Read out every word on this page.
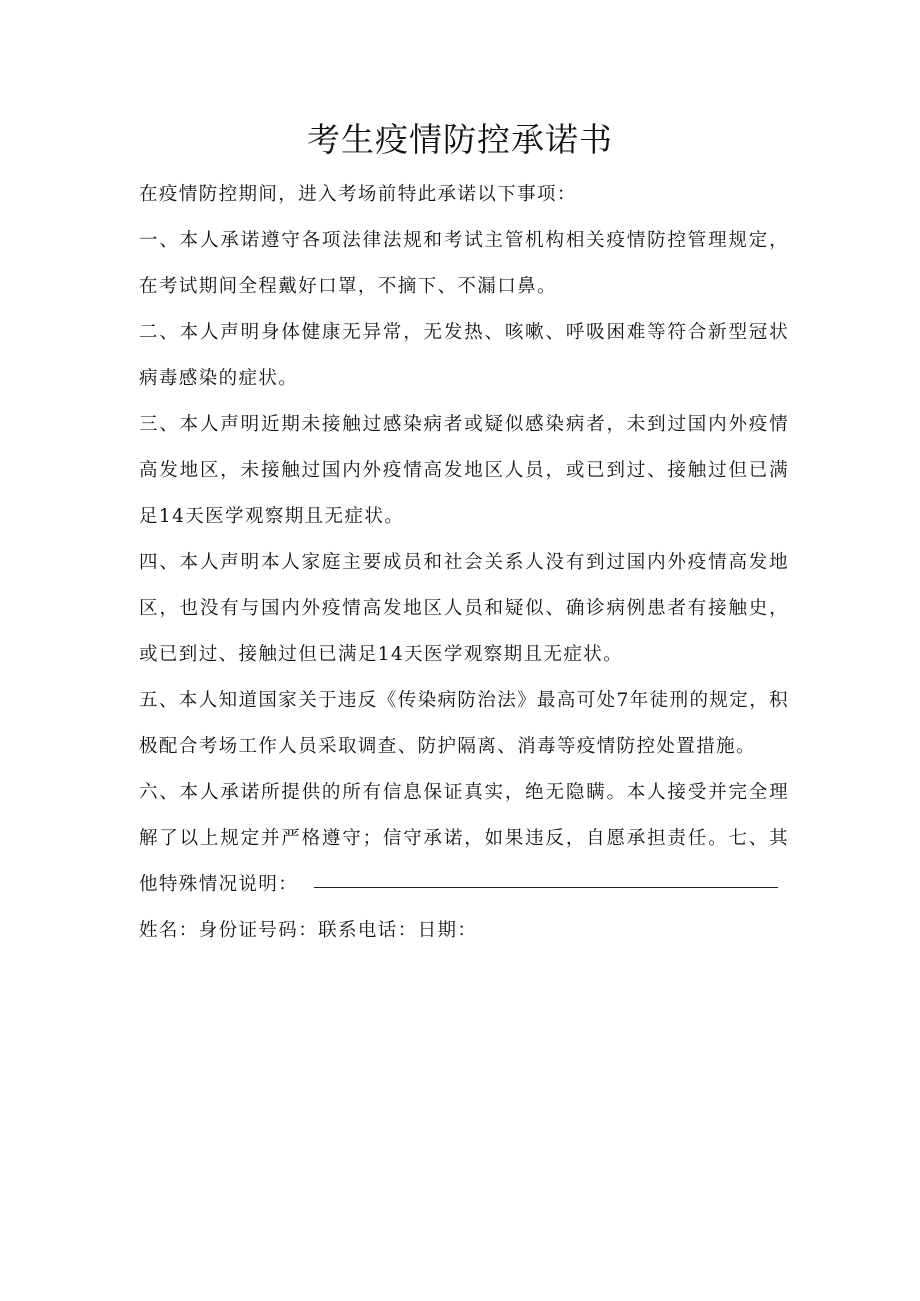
考生疫情防控承诺书

在疫情防控期间，进入考场前特此承诺以下事项：

一、本人承诺遵守各项法律法规和考试主管机构相关疫情防控管理规定，在考试期间全程戴好口罩，不摘下、不漏口鼻。

二、本人声明身体健康无异常，无发热、咳嗽、呼吸困难等符合新型冠状病毒感染的症状。

三、本人声明近期未接触过感染病者或疑似感染病者，未到过国内外疫情高发地区，未接触过国内外疫情高发地区人员，或已到过、接触过但已满足14天医学观察期且无症状。

四、本人声明本人家庭主要成员和社会关系人没有到过国内外疫情高发地区，也没有与国内外疫情高发地区人员和疑似、确诊病例患者有接触史，或已到过、接触过但已满足14天医学观察期且无症状。

五、本人知道国家关于违反《传染病防治法》最高可处7年徒刑的规定，积极配合考场工作人员采取调查、防护隔离、消毒等疫情防控处置措施。

六、本人承诺所提供的所有信息保证真实，绝无隐瞒。本人接受并完全理解了以上规定并严格遵守；信守承诺，如果违反，自愿承担责任。七、其他特殊情况说明：

姓名：身份证号码：联系电话：日期：
